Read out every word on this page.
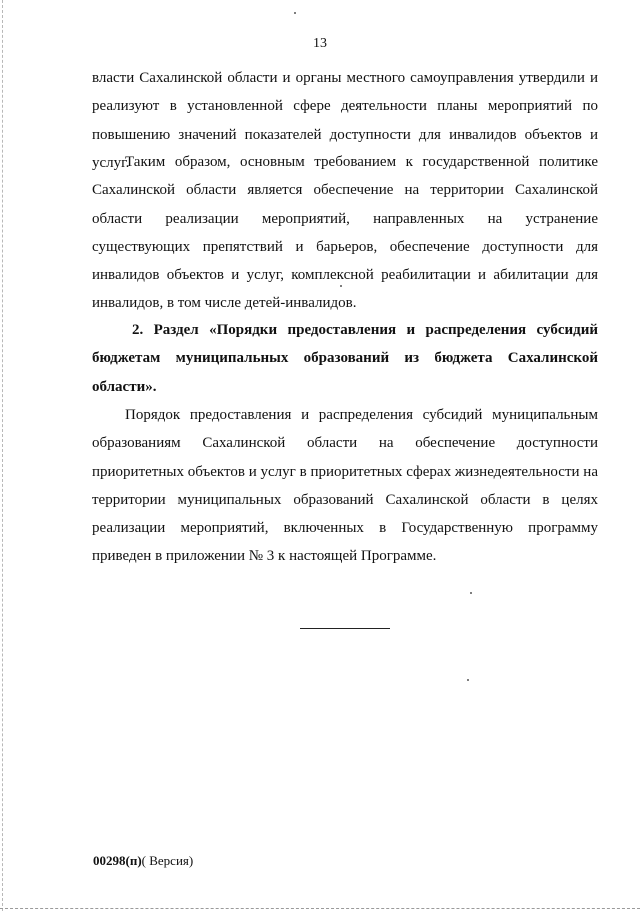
13

власти Сахалинской области и органы местного самоуправления утвердили и реализуют в установленной сфере деятельности планы мероприятий по повышению значений показателей доступности для инвалидов объектов и услуг.

Таким образом, основным требованием к государственной политике Сахалинской области является обеспечение на территории Сахалинской области реализации мероприятий, направленных на устранение существующих препятствий и барьеров, обеспечение доступности для инвалидов объектов и услуг, комплексной реабилитации и абилитации для инвалидов, в том числе детей-инвалидов.

2. Раздел «Порядки предоставления и распределения субсидий бюджетам муниципальных образований из бюджета Сахалинской области».

Порядок предоставления и распределения субсидий муниципальным образованиям Сахалинской области на обеспечение доступности приоритетных объектов и услуг в приоритетных сферах жизнедеятельности на территории муниципальных образований Сахалинской области в целях реализации мероприятий, включенных в Государственную программу приведен в приложении № 3 к настоящей Программе.

00298(п)( Версия)
